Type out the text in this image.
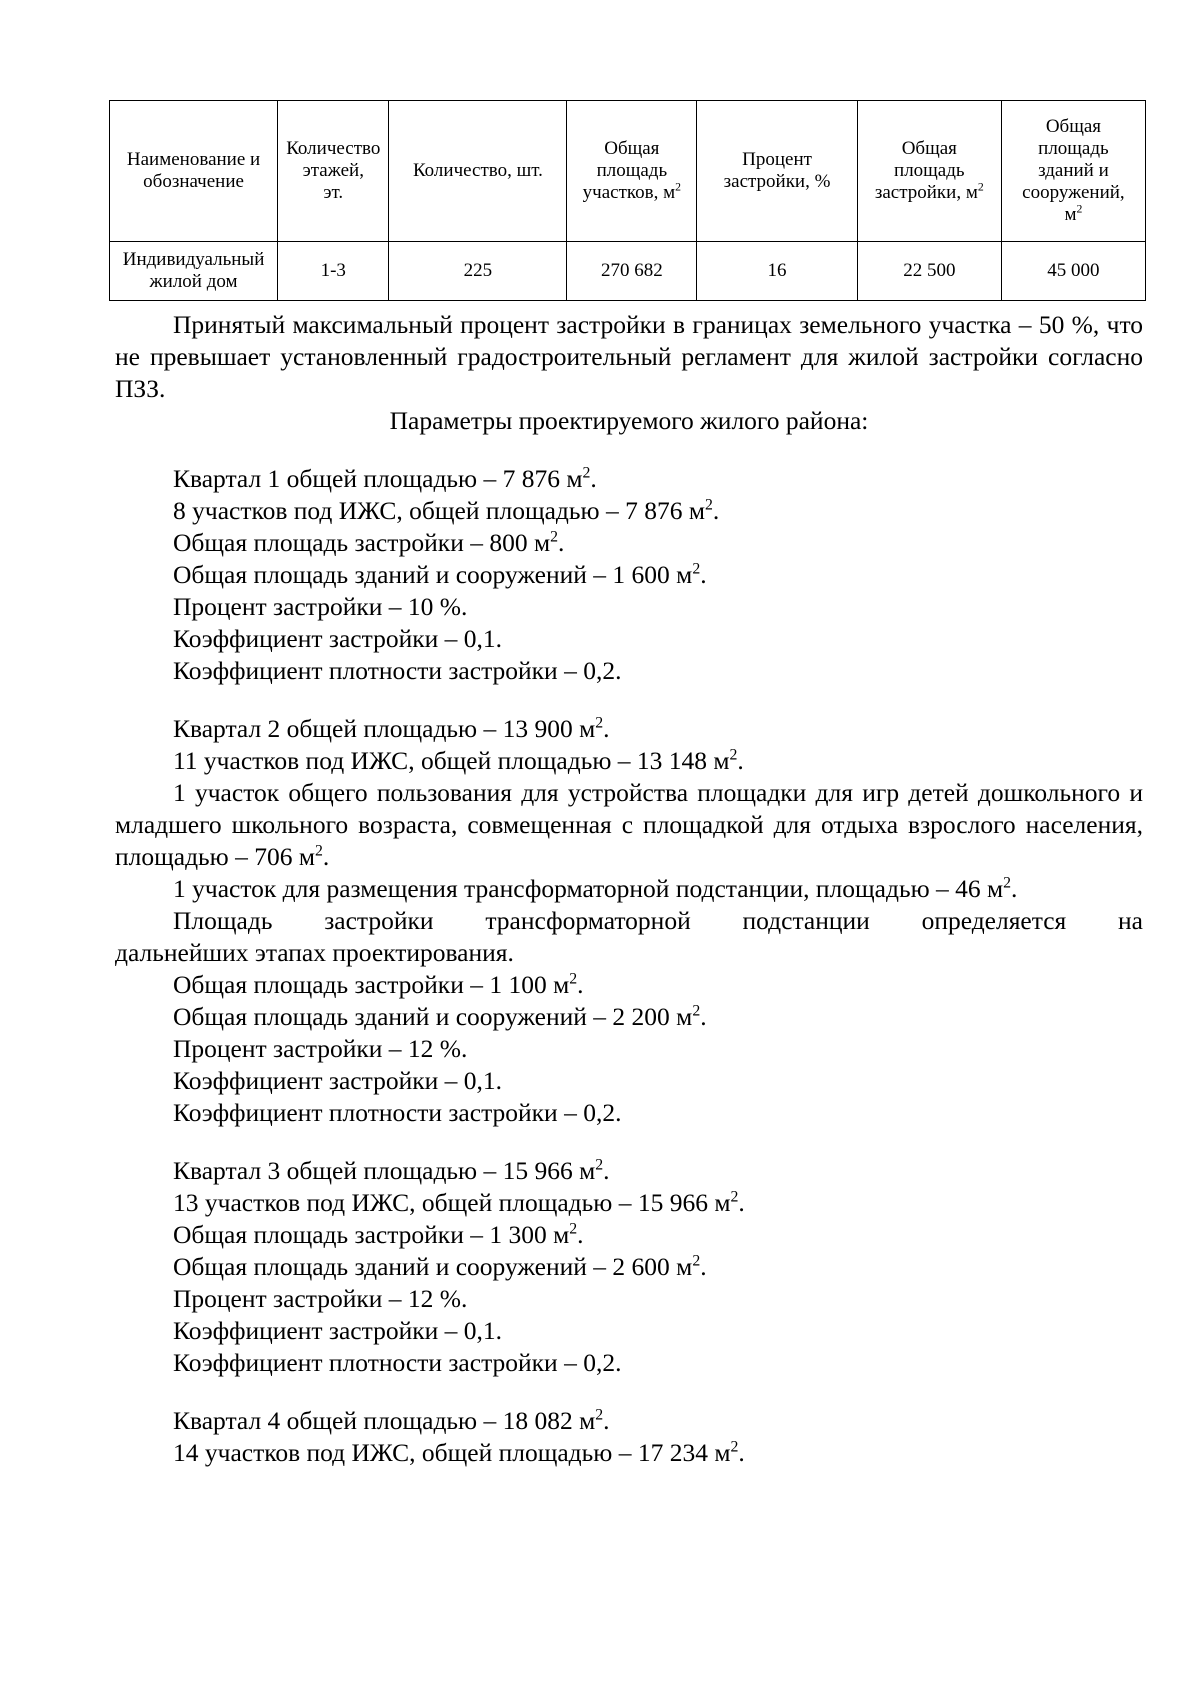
Наименование и
обозначение	Количество
этажей,
эт.	Количество, шт.	Общая
площадь
участков, $м^2$	Процент
застройки, %	Общая
площадь
застройки, $м^2$	Общая
площадь
зданий и
сооружений,
$м^2$

Индивидуальный
жилой дом	1-3	225	270 682	16	22 500	45 000

Принятый максимальный процент застройки в границах земельного участка – 50 %, что не превышает установленный градостроительный регламент для жилой застройки согласно ПЗЗ.

Параметры проектируемого жилого района:

Квартал 1 общей площадью – 7 876 $м^2$.

8 участков под ИЖС, общей площадью – 7 876 $м^2$.

Общая площадь застройки – 800 $м^2$.

Общая площадь зданий и сооружений – 1 600 $м^2$.

Процент застройки – 10 %.

Коэффициент застройки – 0,1.

Коэффициент плотности застройки – 0,2.

Квартал 2 общей площадью – 13 900 $м^2$.

11 участков под ИЖС, общей площадью – 13 148 $м^2$.

1 участок общего пользования для устройства площадки для игр детей дошкольного и младшего школьного возраста, совмещенная с площадкой для отдыха взрослого населения, площадью – 706 $м^2$.

1 участок для размещения трансформаторной подстанции, площадью – 46 $м^2$.

Площадь застройки трансформаторной подстанции определяется на

дальнейших этапах проектирования.

Общая площадь застройки – 1 100 $м^2$.

Общая площадь зданий и сооружений – 2 200 $м^2$.

Процент застройки – 12 %.

Коэффициент застройки – 0,1.

Коэффициент плотности застройки – 0,2.

Квартал 3 общей площадью – 15 966 $м^2$.

13 участков под ИЖС, общей площадью – 15 966 $м^2$.

Общая площадь застройки – 1 300 $м^2$.

Общая площадь зданий и сооружений – 2 600 $м^2$.

Процент застройки – 12 %.

Коэффициент застройки – 0,1.

Коэффициент плотности застройки – 0,2.

Квартал 4 общей площадью – 18 082 $м^2$.

14 участков под ИЖС, общей площадью – 17 234 $м^2$.
